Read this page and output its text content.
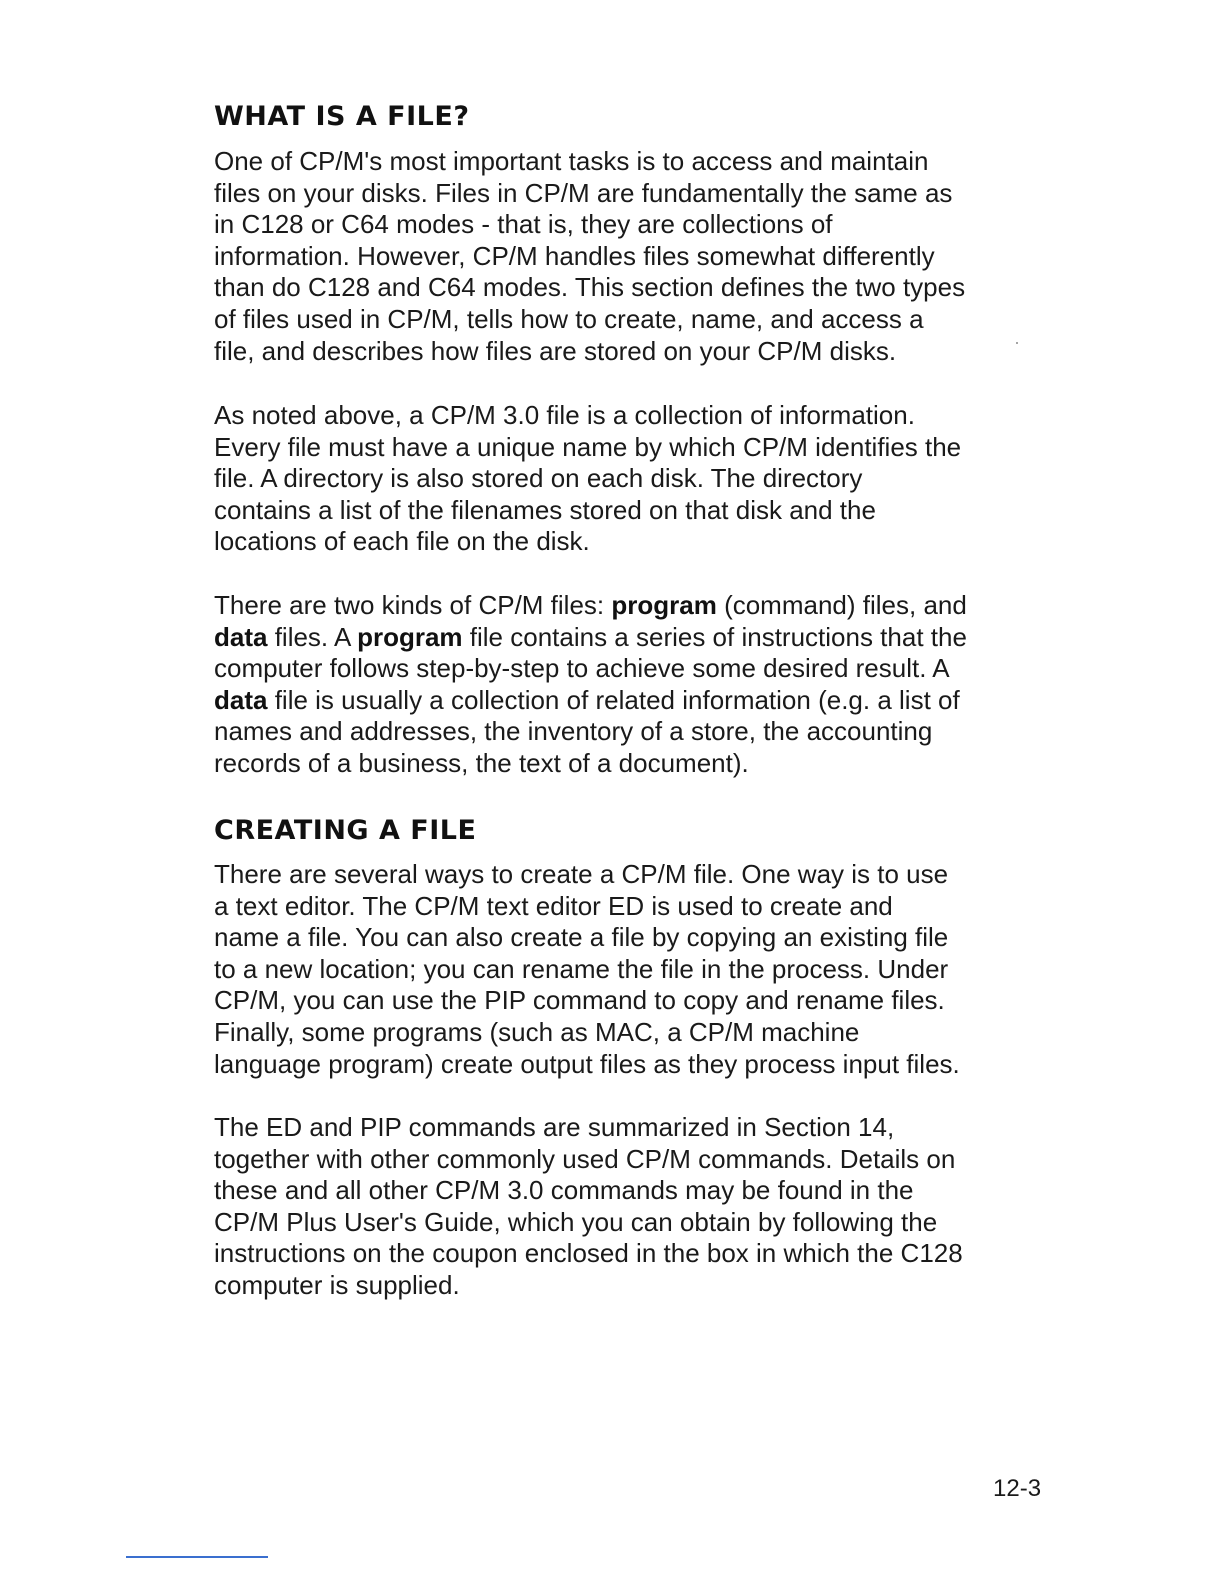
WHAT IS A FILE?

One of CP/M's most important tasks is to access and maintain
files on your disks. Files in CP/M are fundamentally the same as
in C128 or C64 modes - that is, they are collections of
information. However, CP/M handles files somewhat differently
than do C128 and C64 modes. This section defines the two types
of files used in CP/M, tells how to create, name, and access a
file, and describes how files are stored on your CP/M disks.

As noted above, a CP/M 3.0 file is a collection of information.
Every file must have a unique name by which CP/M identifies the
file. A directory is also stored on each disk. The directory
contains a list of the filenames stored on that disk and the
locations of each file on the disk.

There are two kinds of CP/M files: program (command) files, and
data files. A program file contains a series of instructions that the
computer follows step-by-step to achieve some desired result. A
data file is usually a collection of related information (e.g. a list of
names and addresses, the inventory of a store, the accounting
records of a business, the text of a document).

CREATING A FILE

There are several ways to create a CP/M file. One way is to use
a text editor. The CP/M text editor ED is used to create and
name a file. You can also create a file by copying an existing file
to a new location; you can rename the file in the process. Under
CP/M, you can use the PIP command to copy and rename files.
Finally, some programs (such as MAC, a CP/M machine
language program) create output files as they process input files.

The ED and PIP commands are summarized in Section 14,
together with other commonly used CP/M commands. Details on
these and all other CP/M 3.0 commands may be found in the
CP/M Plus User's Guide, which you can obtain by following the
instructions on the coupon enclosed in the box in which the C128
computer is supplied.

12-3
